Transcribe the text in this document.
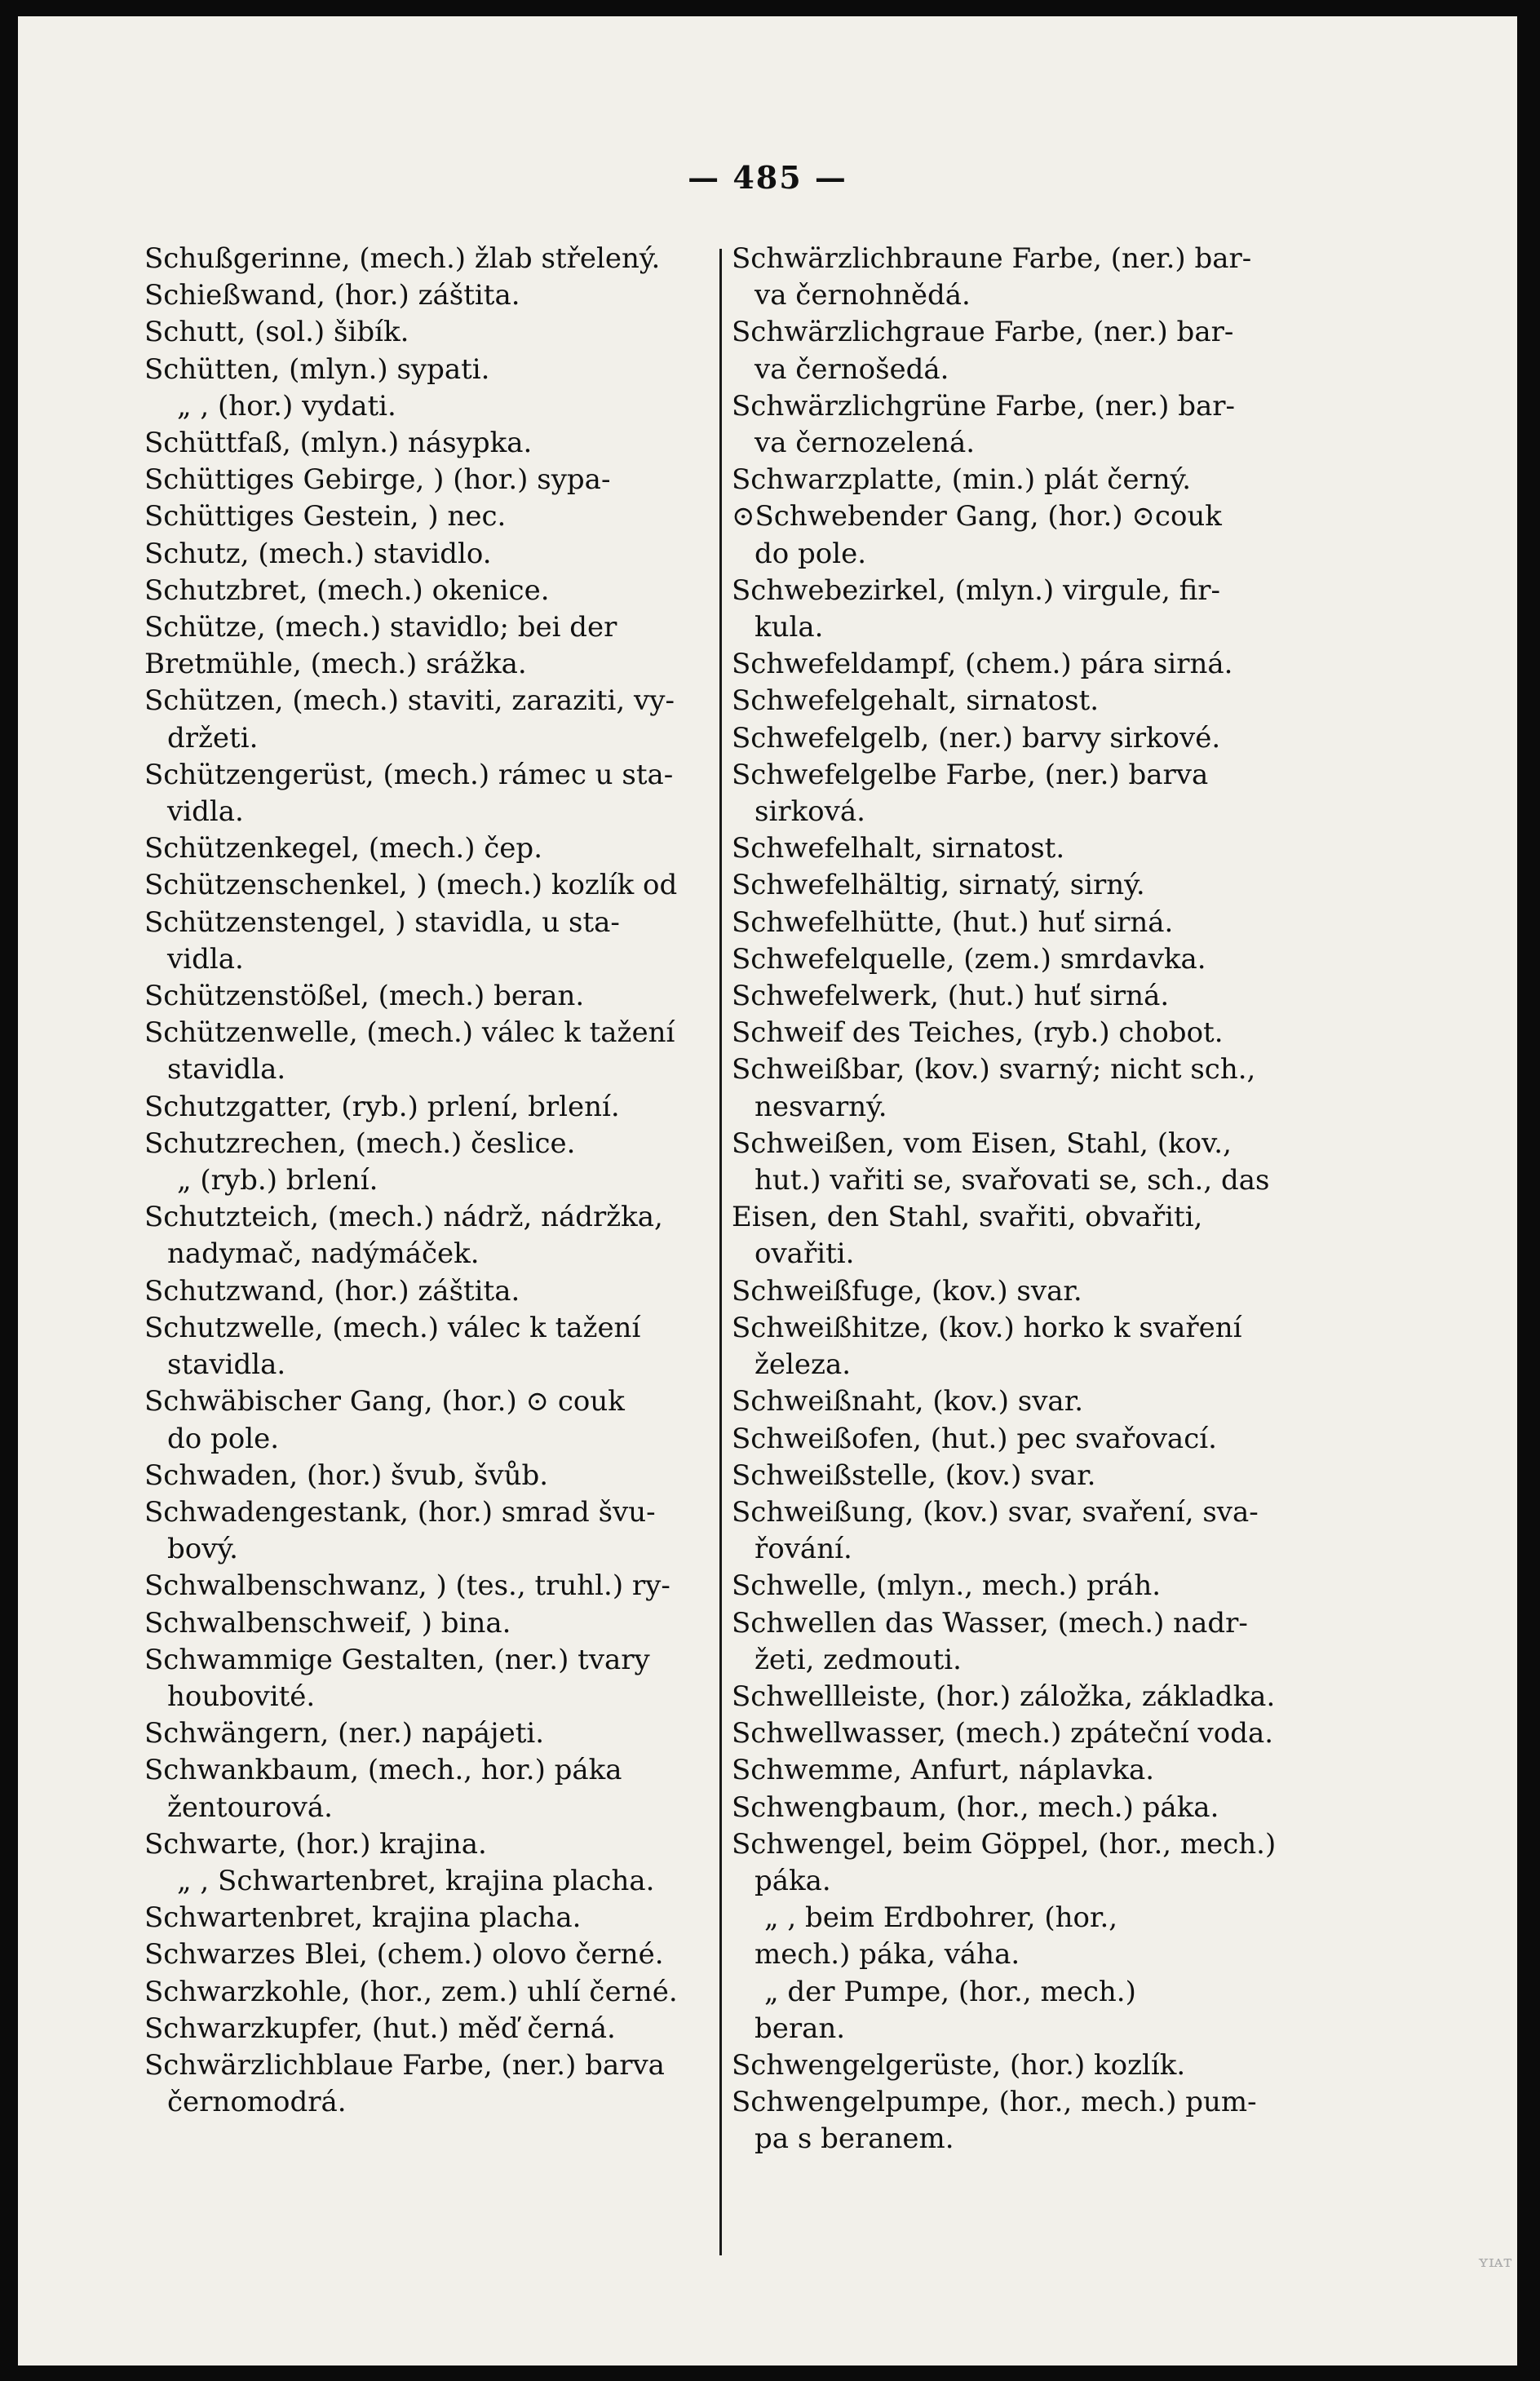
— 485 —
Schußgerinne, (mech.) žlab střelený.
Schießwand, (hor.) záštita.
Schutt, (sol.) šibík.
Schütten, (mlyn.) sypati.
„ , (hor.) vydati.
Schüttfaß, (mlyn.) násypka.
Schüttiges Gebirge, ) (hor.) sypa-
Schüttiges Gestein, ) nec.
Schutz, (mech.) stavidlo.
Schutzbret, (mech.) okenice.
Schütze, (mech.) stavidlo; bei der
Bretmühle, (mech.) srážka.
Schützen, (mech.) staviti, zaraziti, vy-
držeti.
Schützengerüst, (mech.) rámec u sta-
vidla.
Schützenkegel, (mech.) čep.
Schützenschenkel, ) (mech.) kozlík od
Schützenstengel, ) stavidla, u sta-
vidla.
Schützenstößel, (mech.) beran.
Schützenwelle, (mech.) válec k tažení
stavidla.
Schutzgatter, (ryb.) prlení, brlení.
Schutzrechen, (mech.) česlice.
„ (ryb.) brlení.
Schutzteich, (mech.) nádrž, nádržka,
nadymač, nadýmáček.
Schutzwand, (hor.) záštita.
Schutzwelle, (mech.) válec k tažení
stavidla.
Schwäbischer Gang, (hor.) ⊙ couk
do pole.
Schwaden, (hor.) švub, švůb.
Schwadengestank, (hor.) smrad švu-
bový.
Schwalbenschwanz, ) (tes., truhl.) ry-
Schwalbenschweif, ) bina.
Schwammige Gestalten, (ner.) tvary
houbovité.
Schwängern, (ner.) napájeti.
Schwankbaum, (mech., hor.) páka
žentourová.
Schwarte, (hor.) krajina.
„ , Schwartenbret, krajina placha.
Schwartenbret, krajina placha.
Schwarzes Blei, (chem.) olovo černé.
Schwarzkohle, (hor., zem.) uhlí černé.
Schwarzkupfer, (hut.) měď černá.
Schwärzlichblaue Farbe, (ner.) barva
černomodrá.
Schwärzlichbraune Farbe, (ner.) bar-
va černohnědá.
Schwärzlichgraue Farbe, (ner.) bar-
va černošedá.
Schwärzlichgrüne Farbe, (ner.) bar-
va černozelená.
Schwarzplatte, (min.) plát černý.
⊙Schwebender Gang, (hor.) ⊙couk
do pole.
Schwebezirkel, (mlyn.) virgule, fir-
kula.
Schwefeldampf, (chem.) pára sirná.
Schwefelgehalt, sirnatost.
Schwefelgelb, (ner.) barvy sirkové.
Schwefelgelbe Farbe, (ner.) barva
sirková.
Schwefelhalt, sirnatost.
Schwefelhältig, sirnatý, sirný.
Schwefelhütte, (hut.) huť sirná.
Schwefelquelle, (zem.) smrdavka.
Schwefelwerk, (hut.) huť sirná.
Schweif des Teiches, (ryb.) chobot.
Schweißbar, (kov.) svarný; nicht sch.,
nesvarný.
Schweißen, vom Eisen, Stahl, (kov.,
hut.) vařiti se, svařovati se, sch., das
Eisen, den Stahl, svařiti, obvařiti,
ovařiti.
Schweißfuge, (kov.) svar.
Schweißhitze, (kov.) horko k svaření
železa.
Schweißnaht, (kov.) svar.
Schweißofen, (hut.) pec svařovací.
Schweißstelle, (kov.) svar.
Schweißung, (kov.) svar, svaření, sva-
řování.
Schwelle, (mlyn., mech.) práh.
Schwellen das Wasser, (mech.) nadr-
žeti, zedmouti.
Schwellleiste, (hor.) záložka, základka.
Schwellwasser, (mech.) zpáteční voda.
Schwemme, Anfurt, náplavka.
Schwengbaum, (hor., mech.) páka.
Schwengel, beim Göppel, (hor., mech.)
páka.
„ , beim Erdbohrer, (hor.,
mech.) páka, váha.
„ der Pumpe, (hor., mech.)
beran.
Schwengelgerüste, (hor.) kozlík.
Schwengelpumpe, (hor., mech.) pum-
pa s beranem.
ʏɪᴀᴛ
